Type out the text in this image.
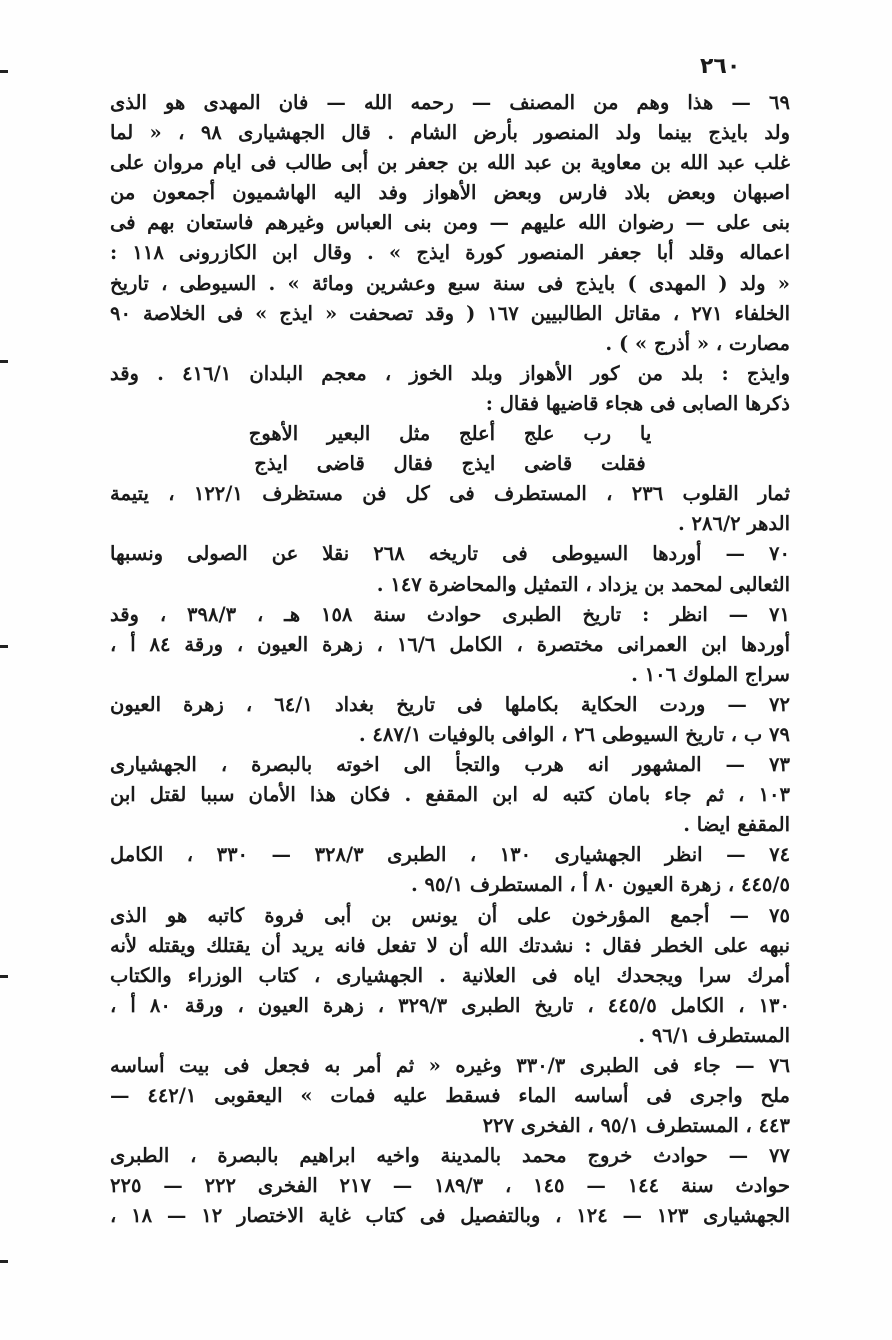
٢٦٠
٦٩ — هذا وهم من المصنف — رحمه الله — فان المهدى هو الذى
ولد بايذج بينما ولد المنصور بأرض الشام . قال الجهشيارى ٩٨ ، « لما
غلب عبد الله بن معاوية بن عبد الله بن جعفر بن أبى طالب فى ايام مروان على
اصبهان وبعض بلاد فارس وبعض الأهواز وفد اليه الهاشميون أجمعون من
بنى على — رضوان الله عليهم — ومن بنى العباس وغيرهم فاستعان بهم فى
اعماله وقلد أبا جعفر المنصور كورة ايذج » . وقال ابن الكازرونى ١١٨ :
« ولد ( المهدى ) بايذج فى سنة سبع وعشرين ومائة » . السيوطى ، تاريخ
الخلفاء ٢٧١ ، مقاتل الطالبيين ١٦٧ ( وقد تصحفت « ايذج » فى الخلاصة ٩٠
مصارت ، « أذرج » ) .
وايذج : بلد من كور الأهواز وبلد الخوز ، معجم البلدان ٤١٦/١ . وقد
ذكرها الصابى فى هجاء قاضيها فقال :
يا رب علج أعلج مثل البعير الأهوج
فقلت قاضى ايذج فقال قاضى ايذج
ثمار القلوب ٢٣٦ ، المستطرف فى كل فن مستظرف ١٢٢/١ ، يتيمة
الدهر ٢٨٦/٢ .
٧٠ — أوردها السيوطى فى تاريخه ٢٦٨ نقلا عن الصولى ونسبها
الثعالبى لمحمد بن يزداد ، التمثيل والمحاضرة ١٤٧ .
٧١ — انظر : تاريخ الطبرى حوادث سنة ١٥٨ هـ ، ٣٩٨/٣ ، وقد
أوردها ابن العمرانى مختصرة ، الكامل ١٦/٦ ، زهرة العيون ، ورقة ٨٤ أ ،
سراج الملوك ١٠٦ .
٧٢ — وردت الحكاية بكاملها فى تاريخ بغداد ٦٤/١ ، زهرة العيون
٧٩ ب ، تاريخ السيوطى ٢٦ ، الوافى بالوفيات ٤٨٧/١ .
٧٣ — المشهور انه هرب والتجأ الى اخوته بالبصرة ، الجهشيارى
١٠٣ ، ثم جاء بامان كتبه له ابن المقفع . فكان هذا الأمان سببا لقتل ابن
المقفع ايضا .
٧٤ — انظر الجهشيارى ١٣٠ ، الطبرى ٣٢٨/٣ — ٣٣٠ ، الكامل
٤٤٥/٥ ، زهرة العيون ٨٠ أ ، المستطرف ٩٥/١ .
٧٥ — أجمع المؤرخون على أن يونس بن أبى فروة كاتبه هو الذى
نبهه على الخطر فقال : نشدتك الله أن لا تفعل فانه يريد أن يقتلك ويقتله لأنه
أمرك سرا ويجحدك اياه فى العلانية . الجهشيارى ، كتاب الوزراء والكتاب
١٣٠ ، الكامل ٤٤٥/٥ ، تاريخ الطبرى ٣٢٩/٣ ، زهرة العيون ، ورقة ٨٠ أ ،
المستطرف ٩٦/١ .
٧٦ — جاء فى الطبرى ٣٣٠/٣ وغيره « ثم أمر به فجعل فى بيت أساسه
ملح واجرى فى أساسه الماء فسقط عليه فمات » اليعقوبى ٤٤٢/١ —
٤٤٣ ، المستطرف ٩٥/١ ، الفخرى ٢٢٧
٧٧ — حوادث خروج محمد بالمدينة واخيه ابراهيم بالبصرة ، الطبرى
حوادث سنة ١٤٤ — ١٤٥ ، ١٨٩/٣ — ٢١٧ الفخرى ٢٢٢ — ٢٢٥
الجهشيارى ١٢٣ — ١٢٤ ، وبالتفصيل فى كتاب غاية الاختصار ١٢ — ١٨ ،
